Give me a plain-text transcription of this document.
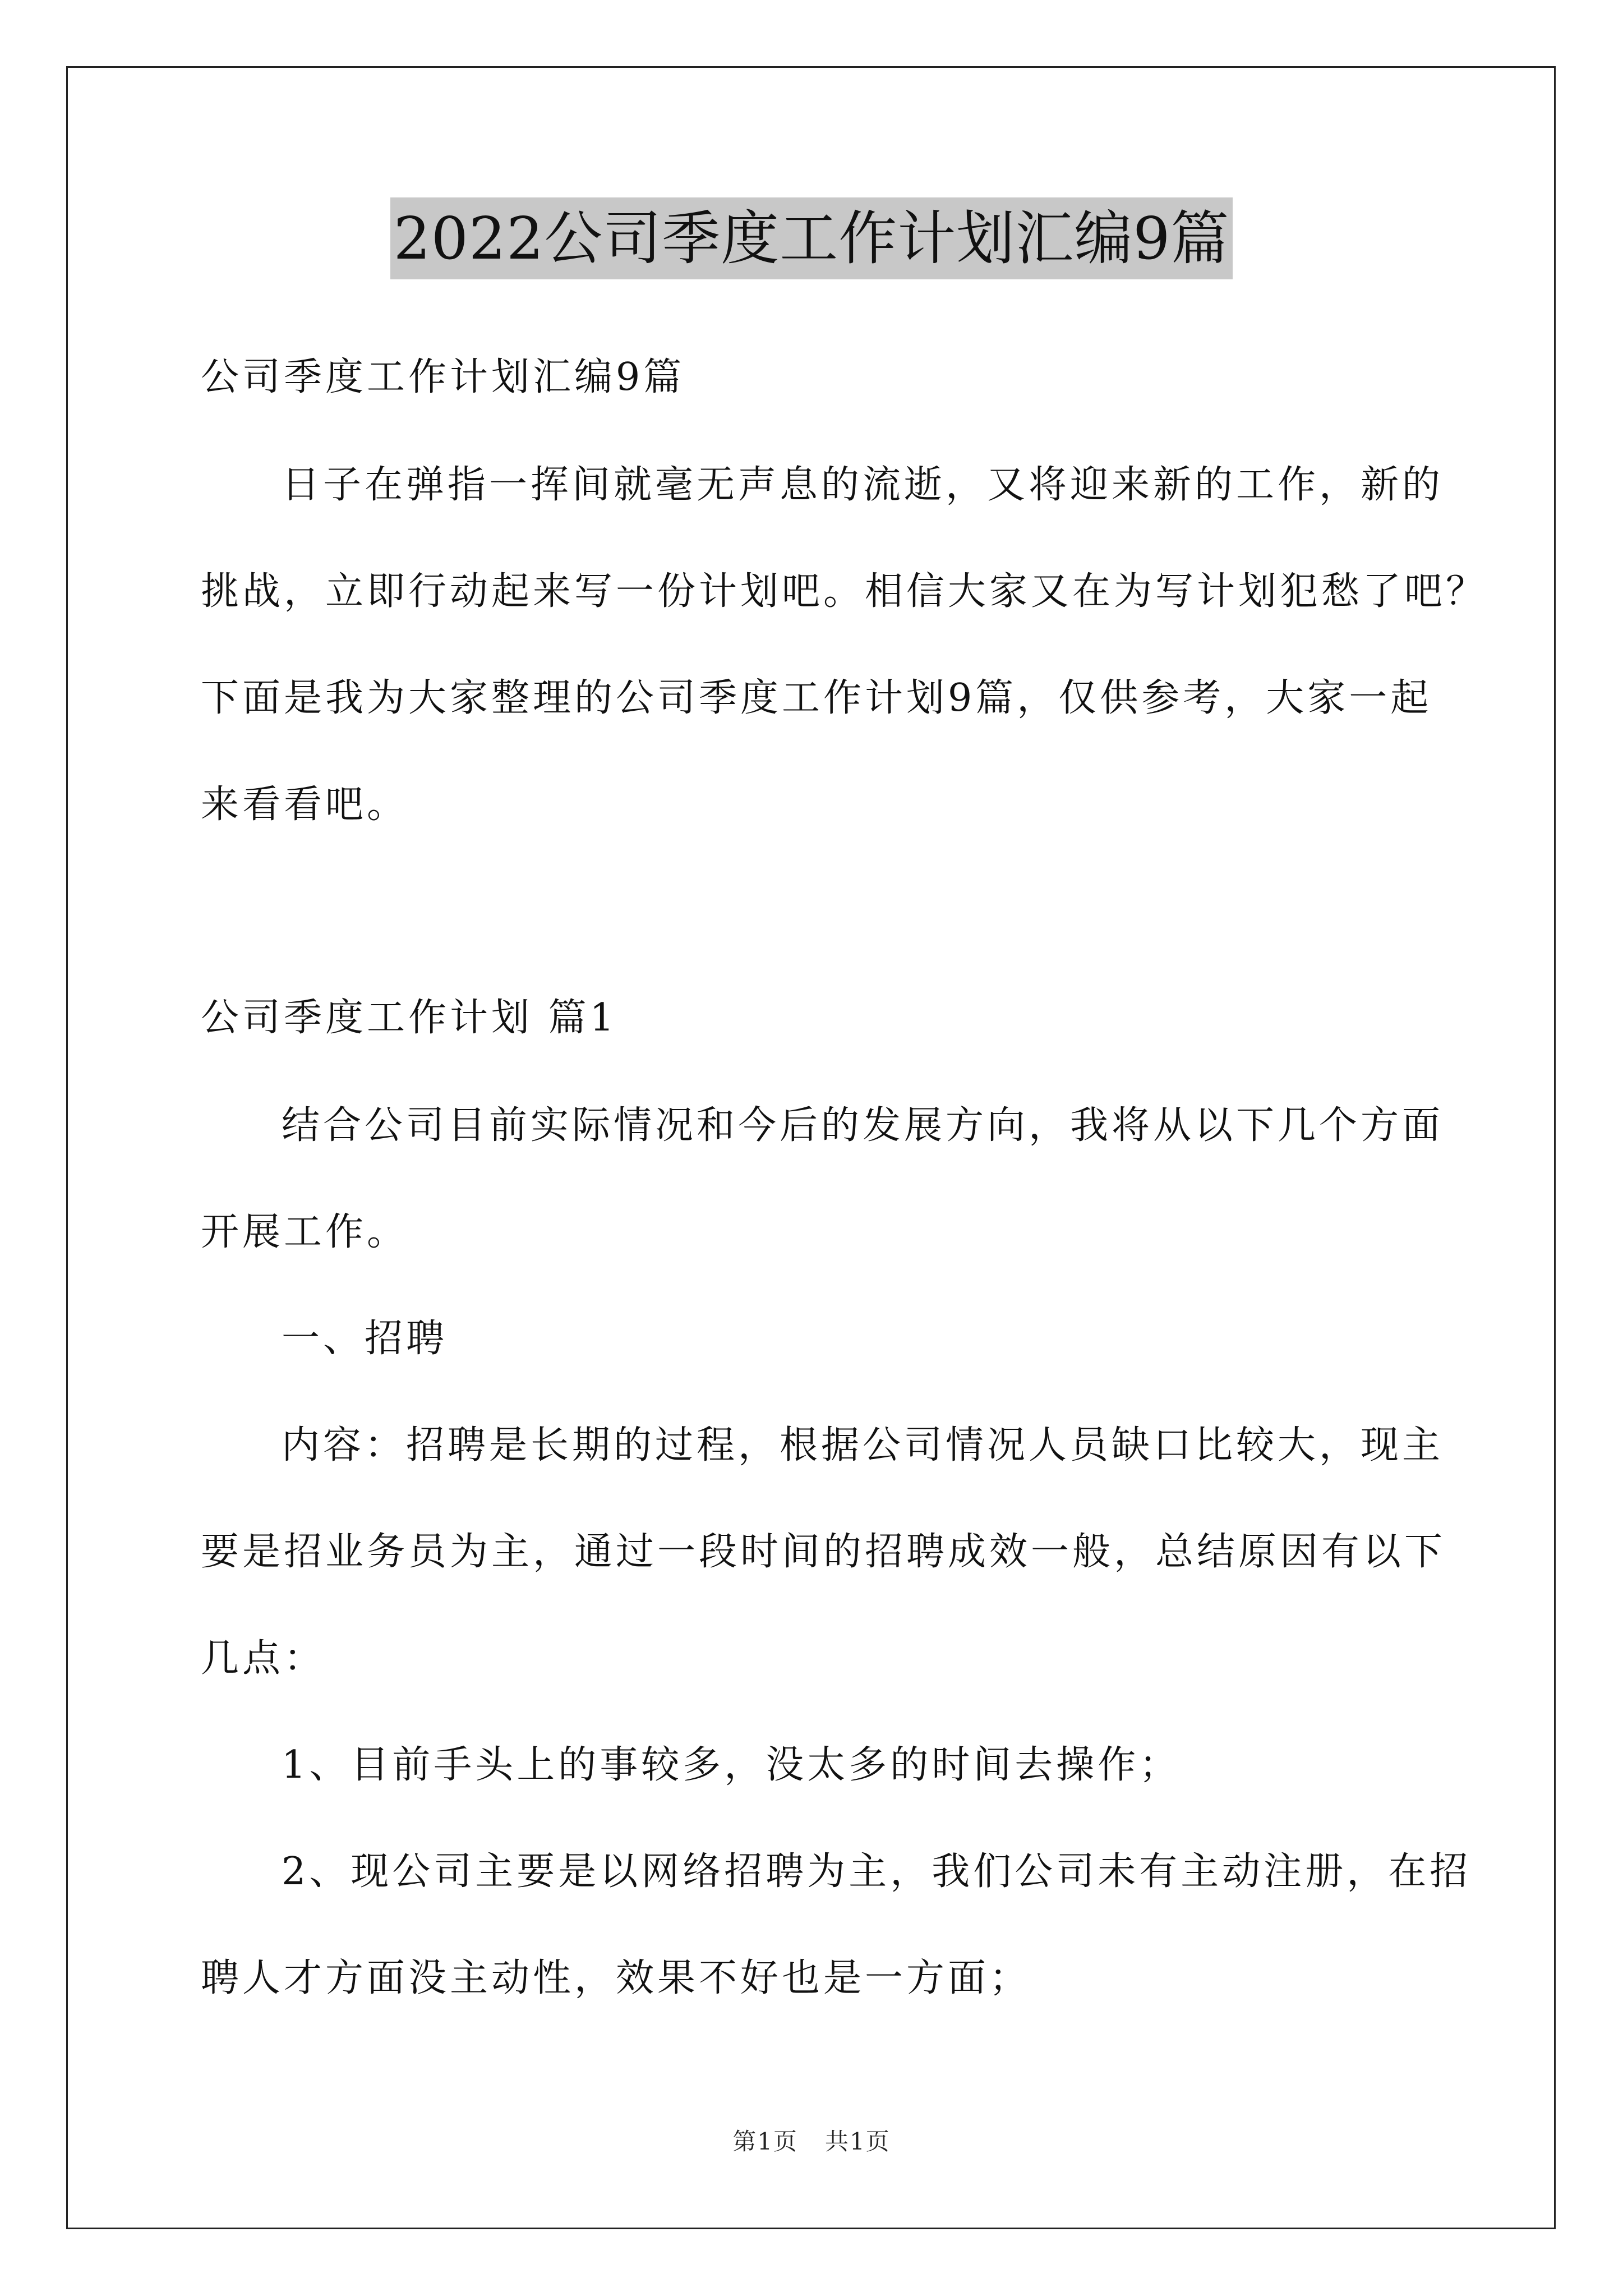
2022公司季度工作计划汇编9篇
公司季度工作计划汇编9篇
日子在弹指一挥间就毫无声息的流逝，又将迎来新的工作，新的
挑战，立即行动起来写一份计划吧。相信大家又在为写计划犯愁了吧？
下面是我为大家整理的公司季度工作计划9篇，仅供参考，大家一起
来看看吧。
公司季度工作计划 篇1
结合公司目前实际情况和今后的发展方向，我将从以下几个方面
开展工作。
一、招聘
内容：招聘是长期的过程，根据公司情况人员缺口比较大，现主
要是招业务员为主，通过一段时间的招聘成效一般，总结原因有以下
几点：
1、目前手头上的事较多，没太多的时间去操作；
2、现公司主要是以网络招聘为主，我们公司未有主动注册，在招
聘人才方面没主动性，效果不好也是一方面；
第1页 共1页
